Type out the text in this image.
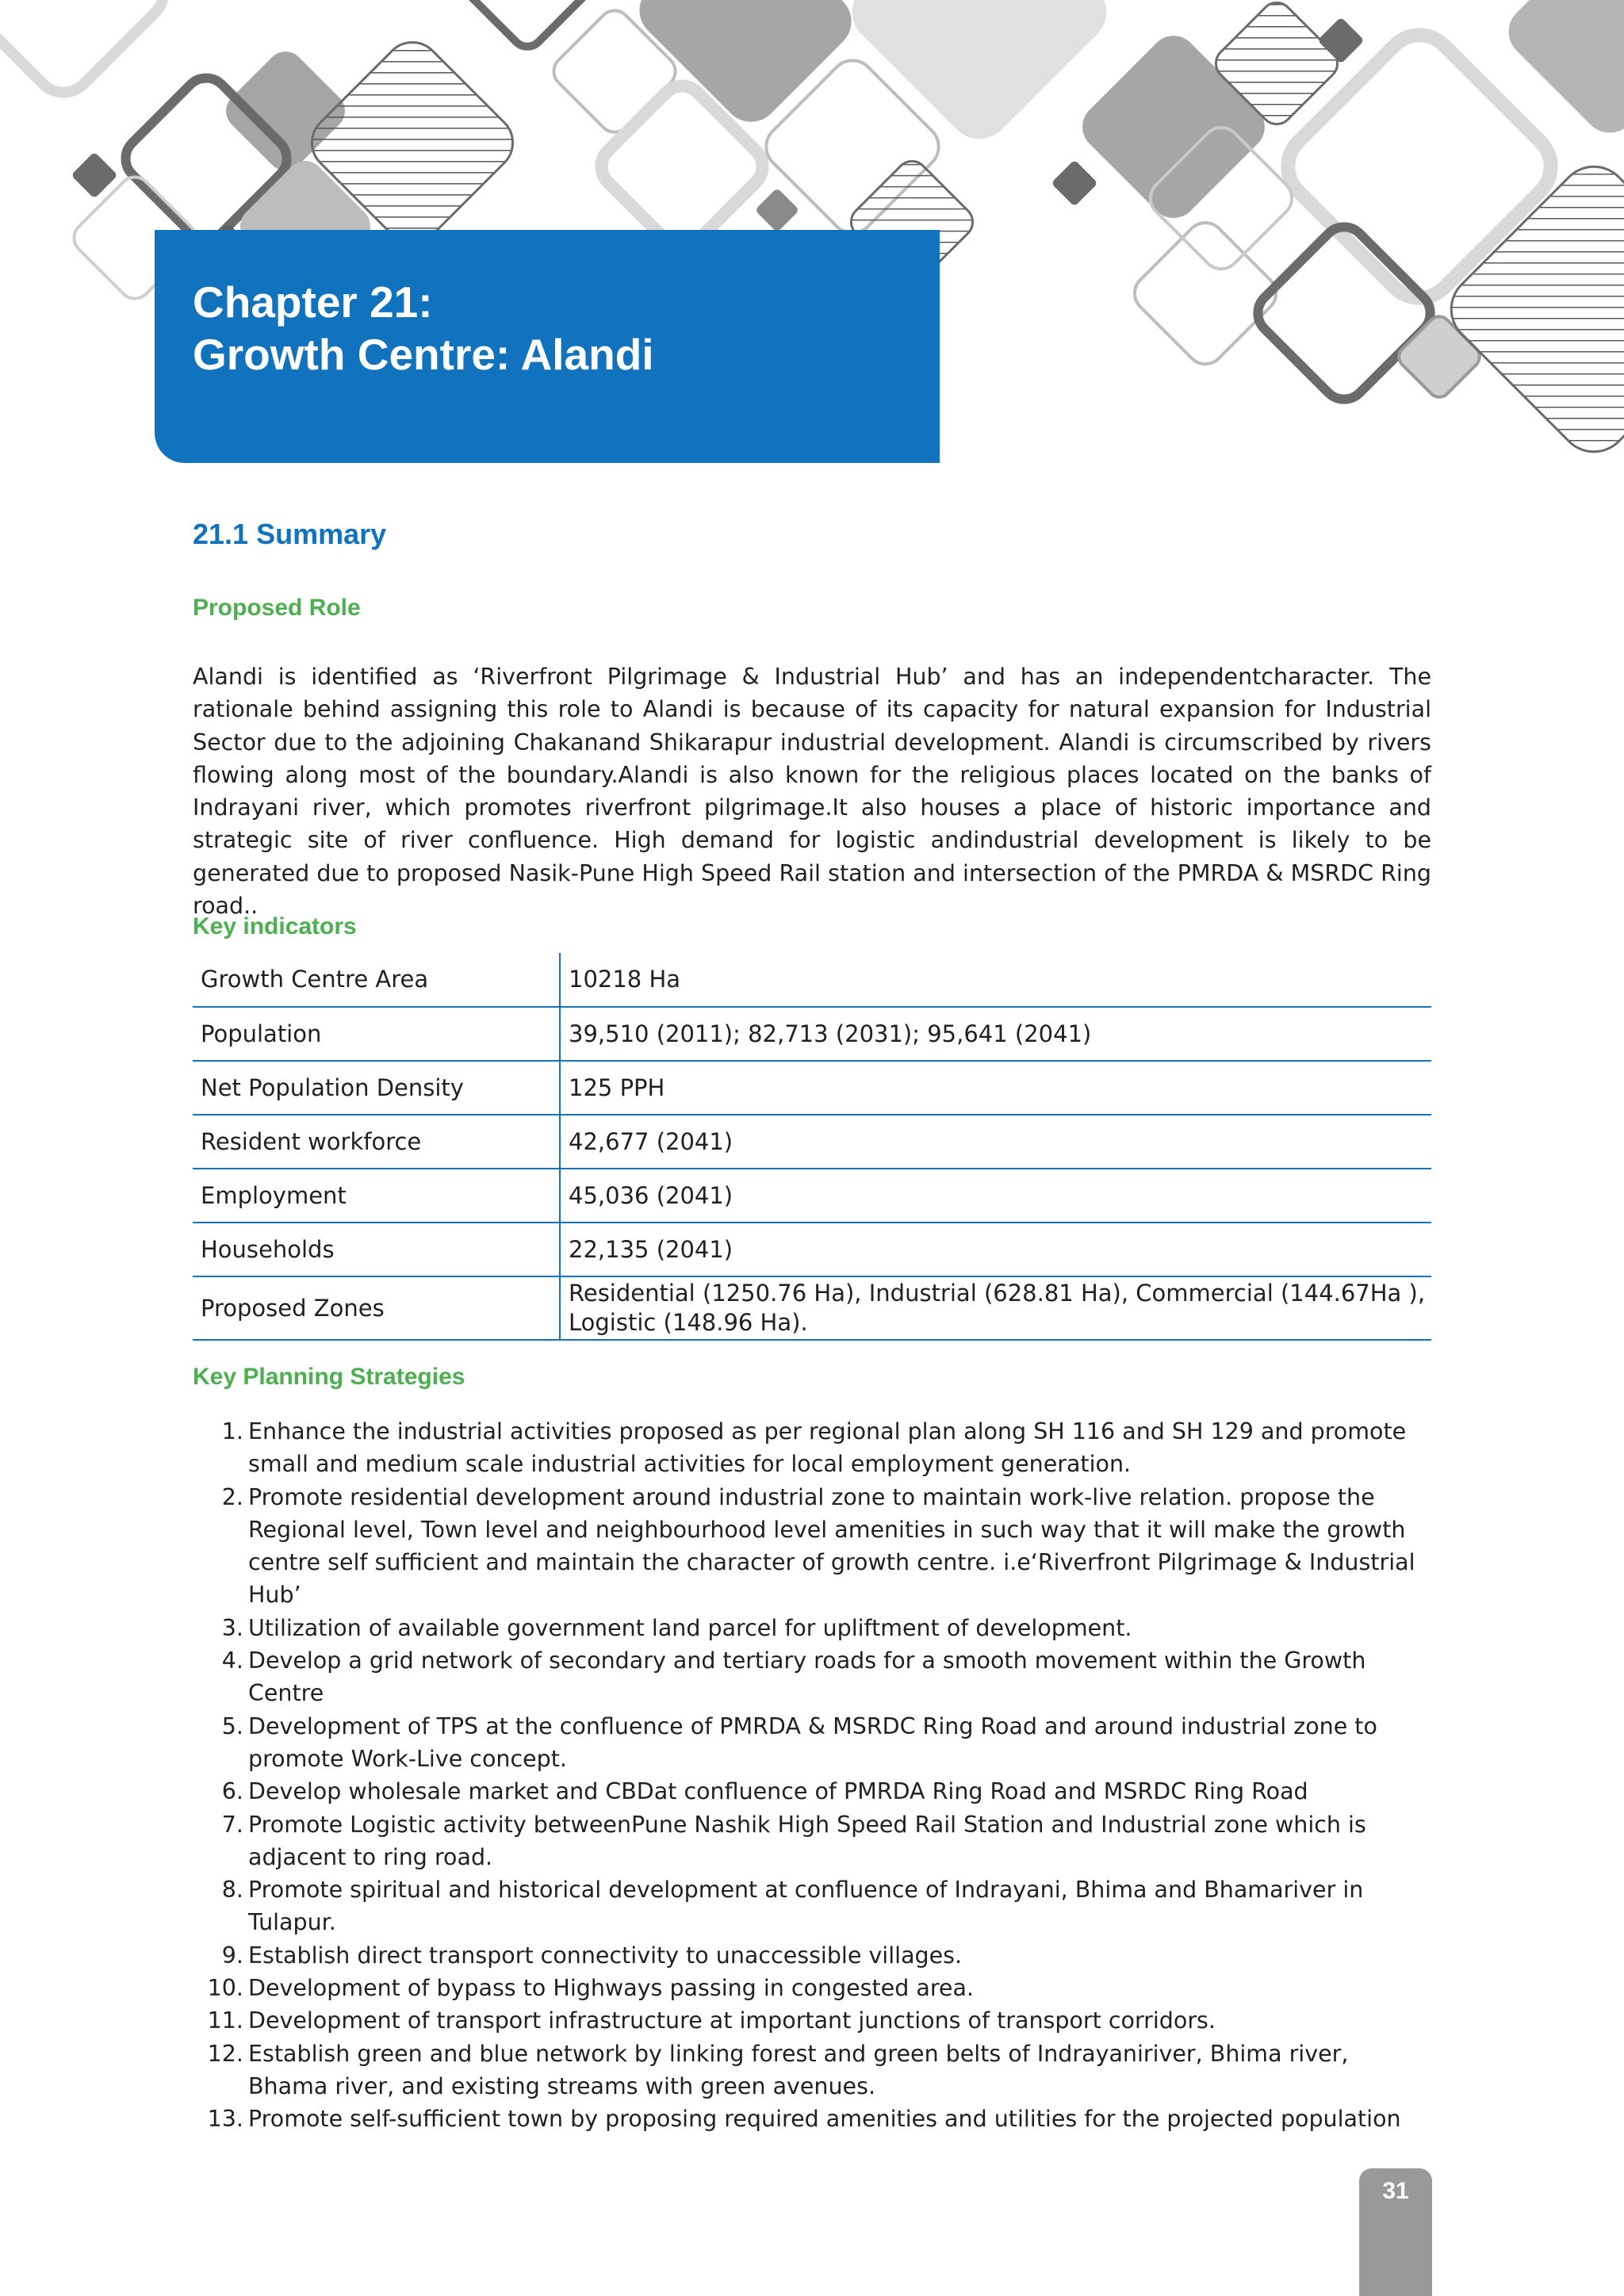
Chapter 21:
Growth Centre: Alandi
21.1 Summary
Proposed Role

Alandi is identified as ‘Riverfront Pilgrimage & Industrial Hub’ and has an independentcharacter. The rationale behind assigning this role to Alandi is because of its capacity for natural expansion for Industrial Sector due to the adjoining Chakanand Shikarapur industrial development. Alandi is circumscribed by rivers flowing along most of the boundary.Alandi is also known for the religious places located on the banks of Indrayani river, which promotes riverfront pilgrimage.It also houses a place of historic importance and strategic site of river confluence. High demand for logistic andindustrial development is likely to be generated due to proposed Nasik-Pune High Speed Rail station and intersection of the PMRDA & MSRDC Ring road..

Key indicators
Growth Centre Area	10218 Ha
Population	39,510 (2011); 82,713 (2031); 95,641 (2041)
Net Population Density	125 PPH
Resident workforce	42,677 (2041)
Employment	45,036 (2041)
Households	22,135 (2041)
Proposed Zones	Residential (1250.76 Ha), Industrial (628.81 Ha), Commercial (144.67Ha ), Logistic (148.96 Ha).
Key Planning Strategies
1. Enhance the industrial activities proposed as per regional plan along SH 116 and SH 129 and promote small and medium scale industrial activities for local employment generation.
2. Promote residential development around industrial zone to maintain work-live relation. propose the Regional level, Town level and neighbourhood level amenities in such way that it will make the growth centre self sufficient and maintain the character of growth centre. i.e‘Riverfront Pilgrimage & Industrial Hub’
3. Utilization of available government land parcel for upliftment of development.
4. Develop a grid network of secondary and tertiary roads for a smooth movement within the Growth Centre
5. Development of TPS at the confluence of PMRDA & MSRDC Ring Road and around industrial zone to promote Work-Live concept.
6. Develop wholesale market and CBDat confluence of PMRDA Ring Road and MSRDC Ring Road
7. Promote Logistic activity betweenPune Nashik High Speed Rail Station and Industrial zone which is adjacent to ring road.
8. Promote spiritual and historical development at confluence of Indrayani, Bhima and Bhamariver in Tulapur.
9. Establish direct transport connectivity to unaccessible villages.
10. Development of bypass to Highways passing in congested area.
11. Development of transport infrastructure at important junctions of transport corridors.
12. Establish green and blue network by linking forest and green belts of Indrayaniriver, Bhima river, Bhama river, and existing streams with green avenues.
13. Promote self-sufficient town by proposing required amenities and utilities for the projected population
31
